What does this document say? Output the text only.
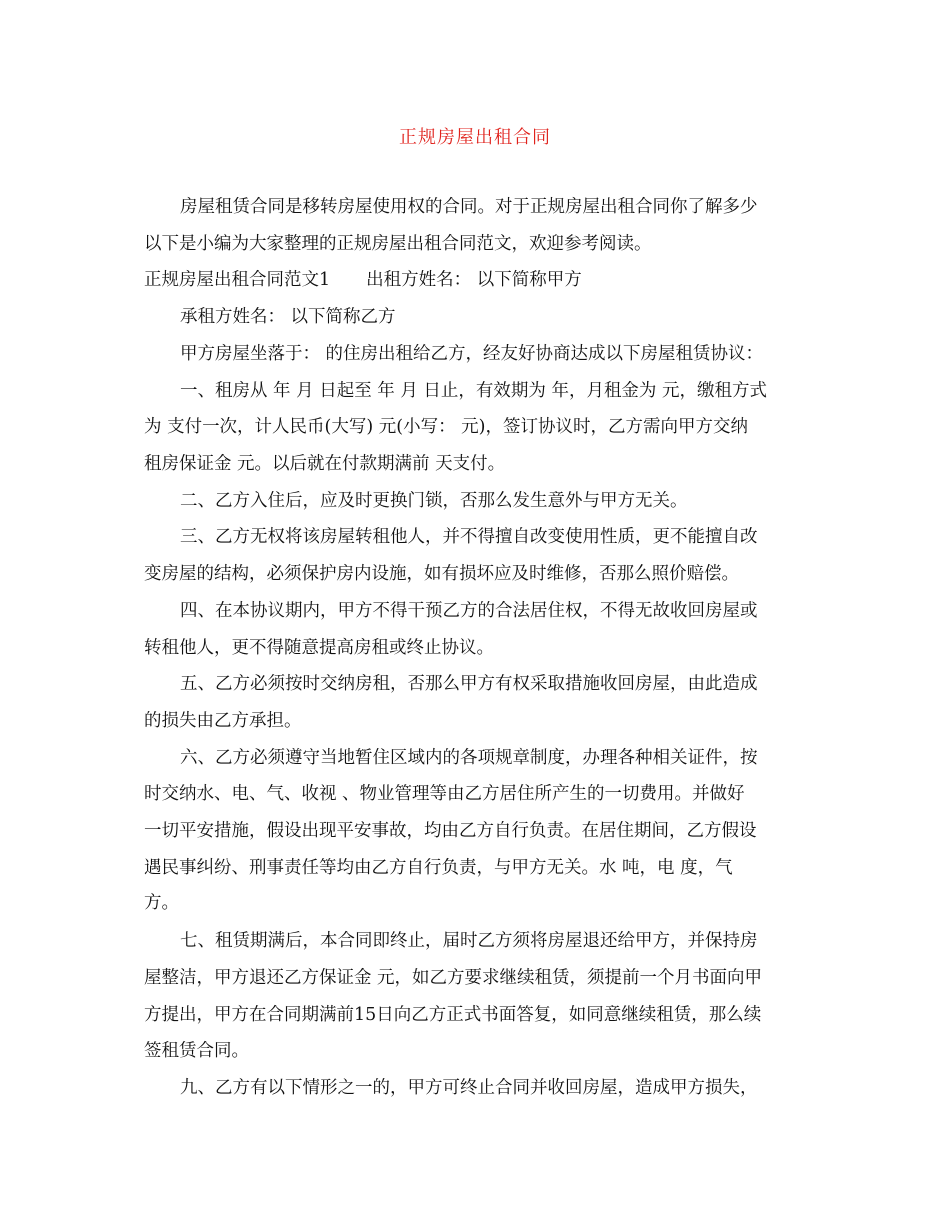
正规房屋出租合同
房屋租赁合同是移转房屋使用权的合同。对于正规房屋出租合同你了解多少
以下是小编为大家整理的正规房屋出租合同范文，欢迎参考阅读。
正规房屋出租合同范文1 出租方姓名： 以下简称甲方
承租方姓名： 以下简称乙方
甲方房屋坐落于： 的住房出租给乙方，经友好协商达成以下房屋租赁协议：
一、租房从 年 月 日起至 年 月 日止，有效期为 年，月租金为 元，缴租方式
为 支付一次，计人民币(大写) 元(小写： 元)，签订协议时，乙方需向甲方交纳
租房保证金 元。以后就在付款期满前 天支付。
二、乙方入住后，应及时更换门锁，否那么发生意外与甲方无关。
三、乙方无权将该房屋转租他人，并不得擅自改变使用性质，更不能擅自改
变房屋的结构，必须保护房内设施，如有损坏应及时维修，否那么照价赔偿。
四、在本协议期内，甲方不得干预乙方的合法居住权，不得无故收回房屋或
转租他人，更不得随意提高房租或终止协议。
五、乙方必须按时交纳房租，否那么甲方有权采取措施收回房屋，由此造成
的损失由乙方承担。
六、乙方必须遵守当地暂住区域内的各项规章制度，办理各种相关证件，按
时交纳水、电、气、收视 、物业管理等由乙方居住所产生的一切费用。并做好
一切平安措施，假设出现平安事故，均由乙方自行负责。在居住期间，乙方假设
遇民事纠纷、刑事责任等均由乙方自行负责，与甲方无关。水 吨，电 度，气
方。
七、租赁期满后，本合同即终止，届时乙方须将房屋退还给甲方，并保持房
屋整洁，甲方退还乙方保证金 元，如乙方要求继续租赁，须提前一个月书面向甲
方提出，甲方在合同期满前15日向乙方正式书面答复，如同意继续租赁，那么续
签租赁合同。
九、乙方有以下情形之一的，甲方可终止合同并收回房屋，造成甲方损失，
